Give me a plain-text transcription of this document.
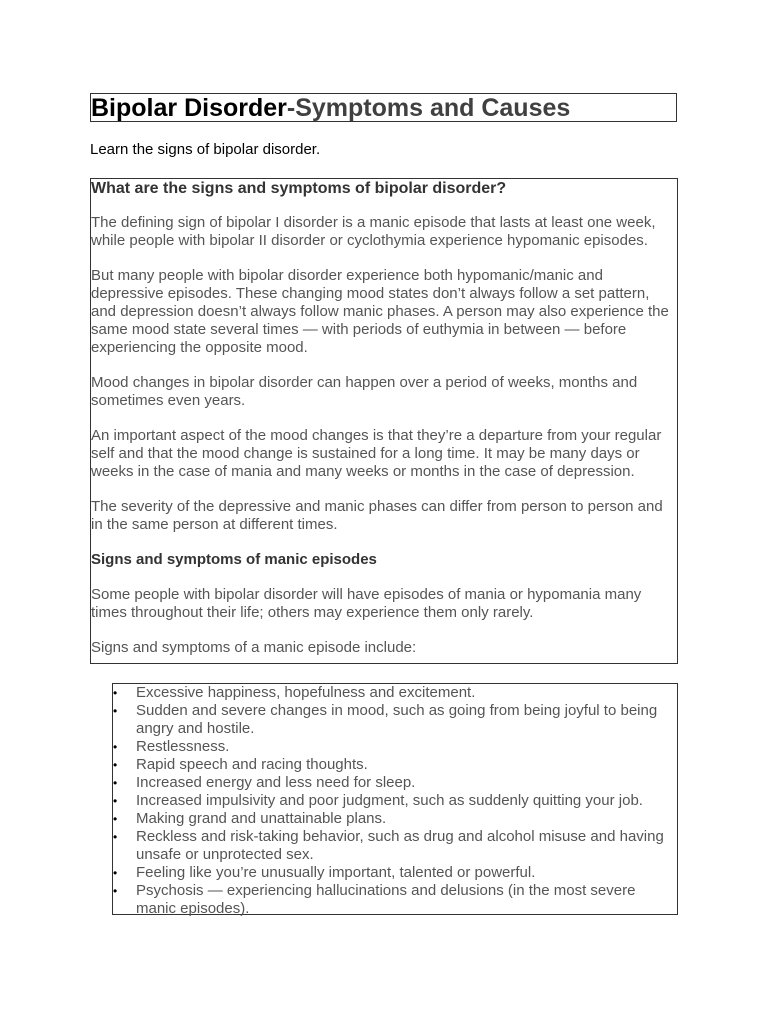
Bipolar Disorder-Symptoms and Causes
Learn the signs of bipolar disorder.
What are the signs and symptoms of bipolar disorder?

The defining sign of bipolar I disorder is a manic episode that lasts at least one week, while people with bipolar II disorder or cyclothymia experience hypomanic episodes.

But many people with bipolar disorder experience both hypomanic/manic and depressive episodes. These changing mood states don’t always follow a set pattern, and depression doesn’t always follow manic phases. A person may also experience the same mood state several times — with periods of euthymia in between — before experiencing the opposite mood.

Mood changes in bipolar disorder can happen over a period of weeks, months and sometimes even years.

An important aspect of the mood changes is that they’re a departure from your regular self and that the mood change is sustained for a long time. It may be many days or weeks in the case of mania and many weeks or months in the case of depression.

The severity of the depressive and manic phases can differ from person to person and in the same person at different times.

Signs and symptoms of manic episodes

Some people with bipolar disorder will have episodes of mania or hypomania many times throughout their life; others may experience them only rarely.

Signs and symptoms of a manic episode include:

• Excessive happiness, hopefulness and excitement.
• Sudden and severe changes in mood, such as going from being joyful to being angry and hostile.
• Restlessness.
• Rapid speech and racing thoughts.
• Increased energy and less need for sleep.
• Increased impulsivity and poor judgment, such as suddenly quitting your job.
• Making grand and unattainable plans.
• Reckless and risk-taking behavior, such as drug and alcohol misuse and having unsafe or unprotected sex.
• Feeling like you’re unusually important, talented or powerful.
• Psychosis — experiencing hallucinations and delusions (in the most severe manic episodes).
